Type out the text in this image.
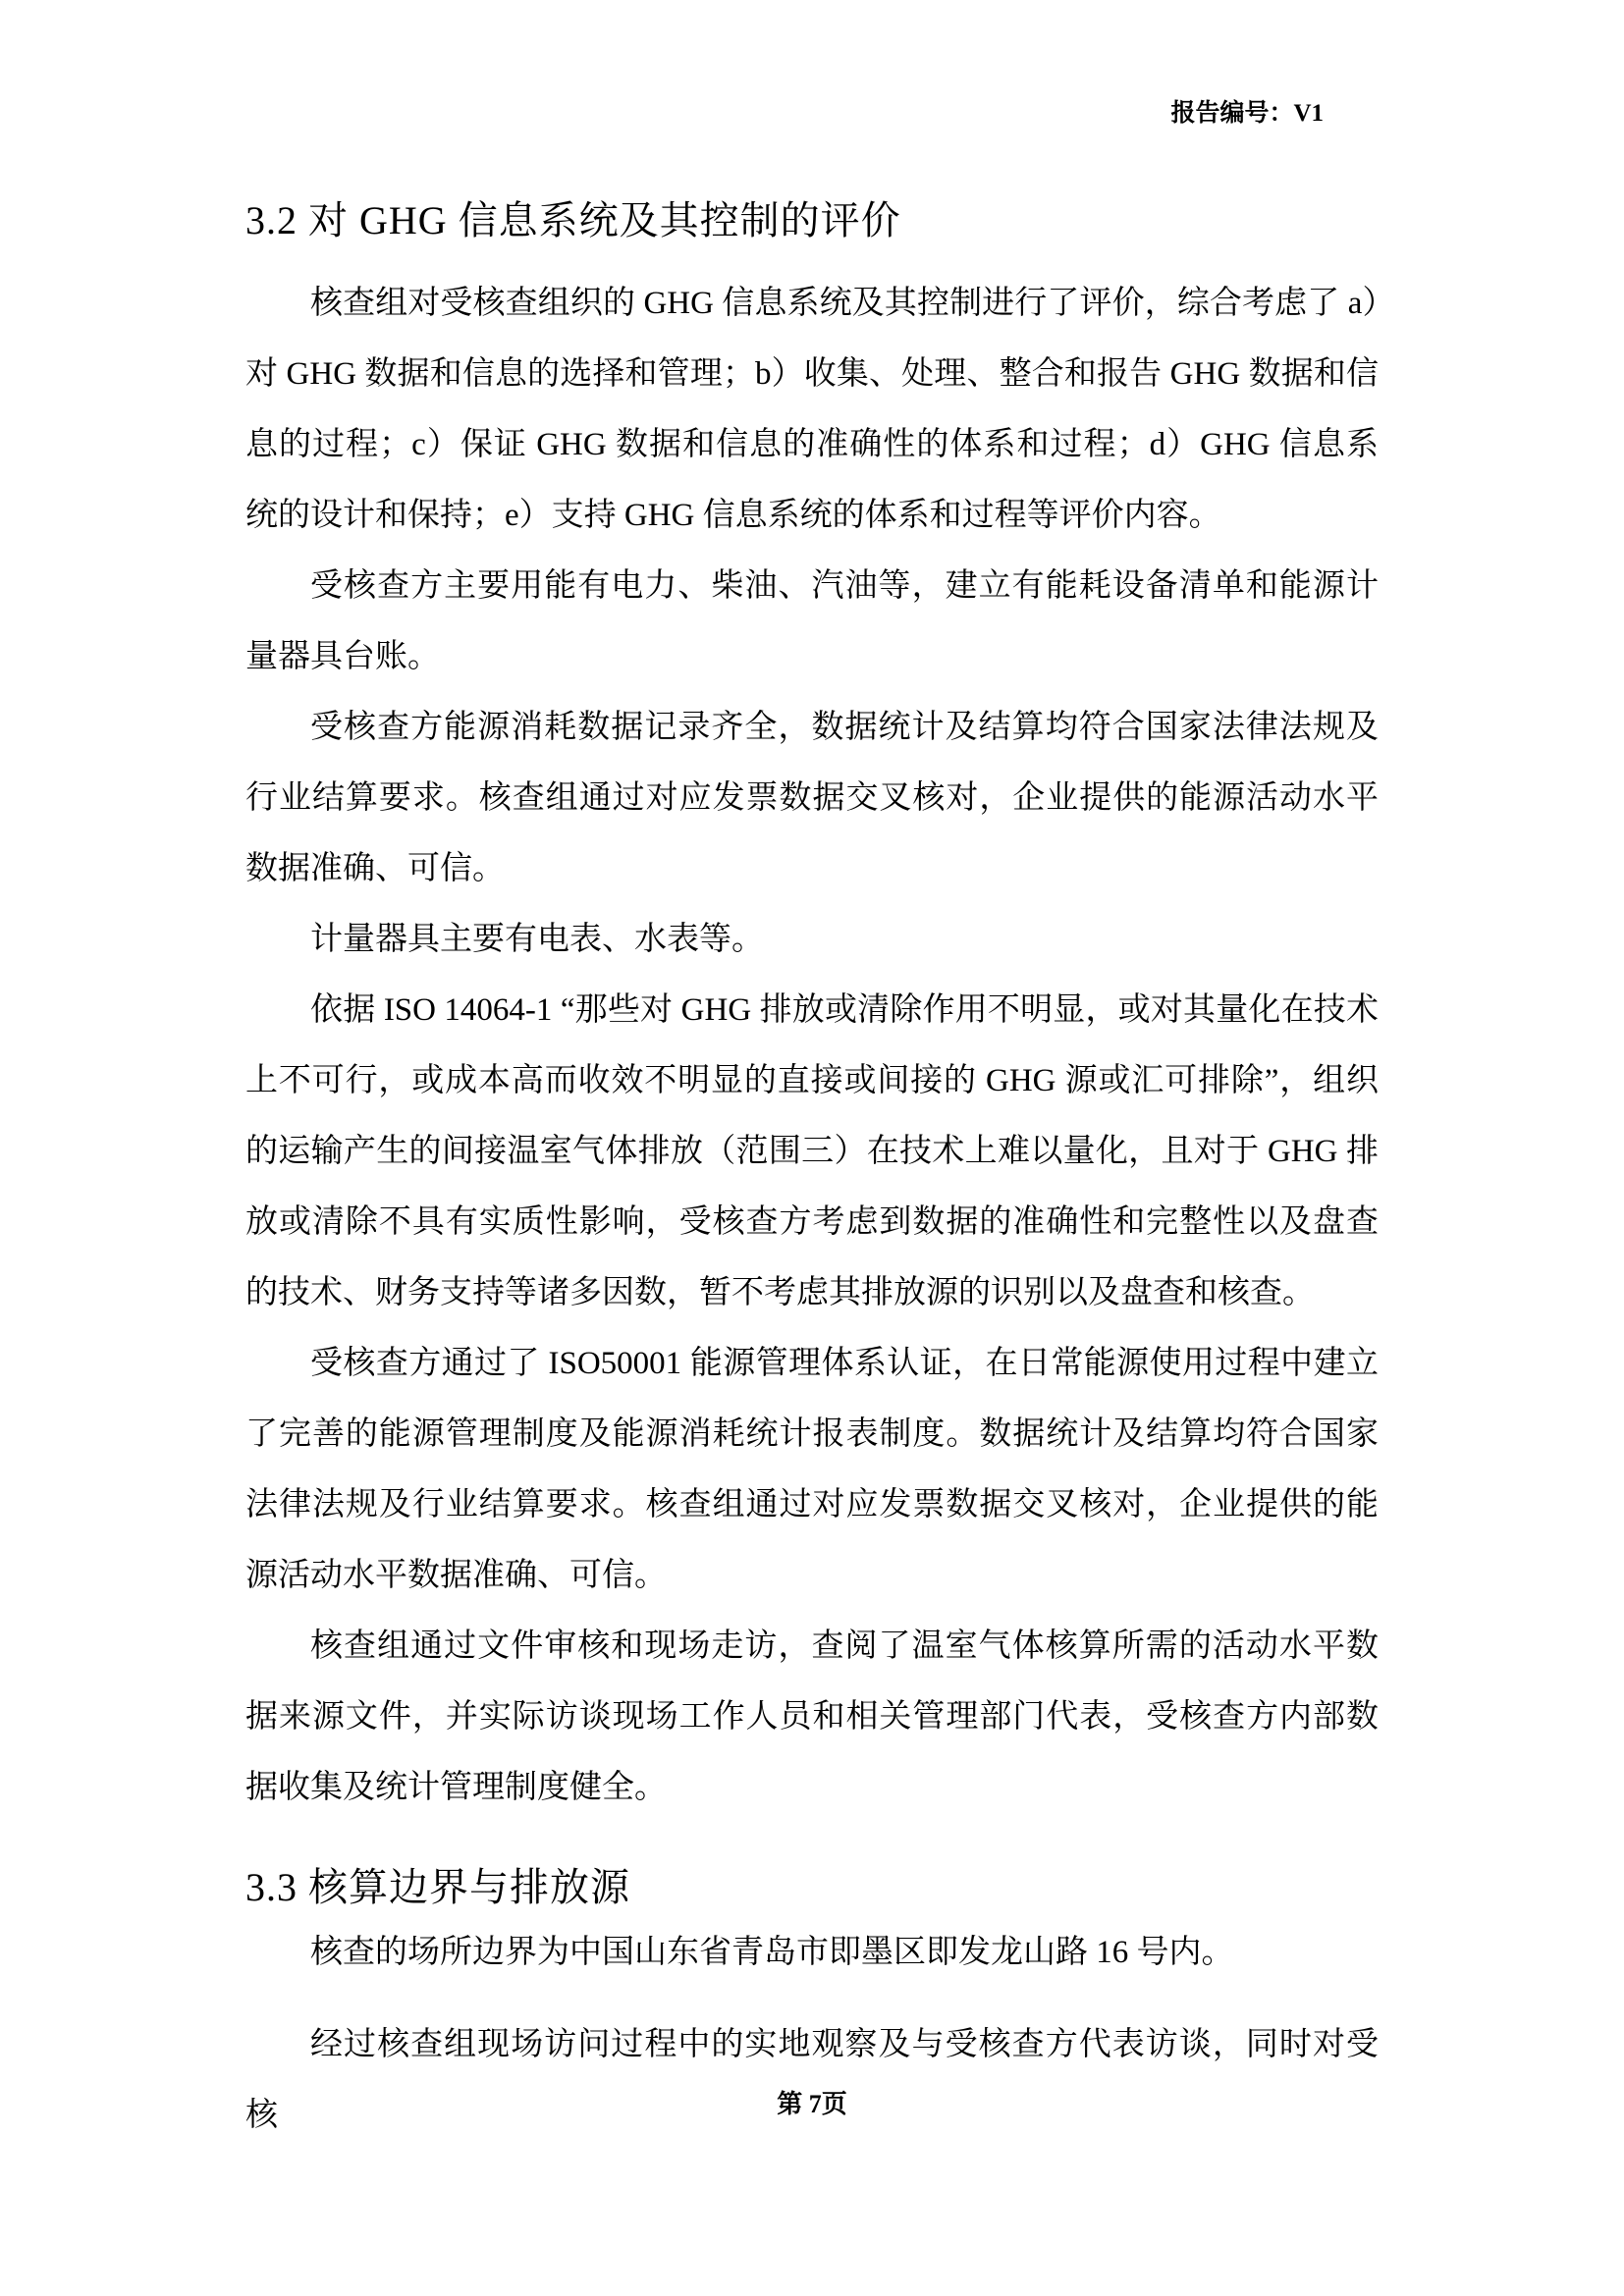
报告编号：V1
3.2 对 GHG 信息系统及其控制的评价

核查组对受核查组织的 GHG 信息系统及其控制进行了评价，综合考虑了 a）对 GHG 数据和信息的选择和管理；b）收集、处理、整合和报告 GHG 数据和信息的过程；c）保证 GHG 数据和信息的准确性的体系和过程；d）GHG 信息系统的设计和保持；e）支持 GHG 信息系统的体系和过程等评价内容。

受核查方主要用能有电力、柴油、汽油等，建立有能耗设备清单和能源计量器具台账。

受核查方能源消耗数据记录齐全，数据统计及结算均符合国家法律法规及行业结算要求。核查组通过对应发票数据交叉核对，企业提供的能源活动水平数据准确、可信。

计量器具主要有电表、水表等。

依据 ISO 14064-1 “那些对 GHG 排放或清除作用不明显，或对其量化在技术上不可行，或成本高而收效不明显的直接或间接的 GHG 源或汇可排除”，组织的运输产生的间接温室气体排放（范围三）在技术上难以量化，且对于 GHG 排放或清除不具有实质性影响，受核查方考虑到数据的准确性和完整性以及盘查的技术、财务支持等诸多因数，暂不考虑其排放源的识别以及盘查和核查。

受核查方通过了 ISO50001 能源管理体系认证，在日常能源使用过程中建立了完善的能源管理制度及能源消耗统计报表制度。数据统计及结算均符合国家法律法规及行业结算要求。核查组通过对应发票数据交叉核对，企业提供的能源活动水平数据准确、可信。

核查组通过文件审核和现场走访，查阅了温室气体核算所需的活动水平数据来源文件，并实际访谈现场工作人员和相关管理部门代表，受核查方内部数据收集及统计管理制度健全。

3.3 核算边界与排放源

核查的场所边界为中国山东省青岛市即墨区即发龙山路 16 号内。

经过核查组现场访问过程中的实地观察及与受核查方代表访谈，同时对受核	第 7页
